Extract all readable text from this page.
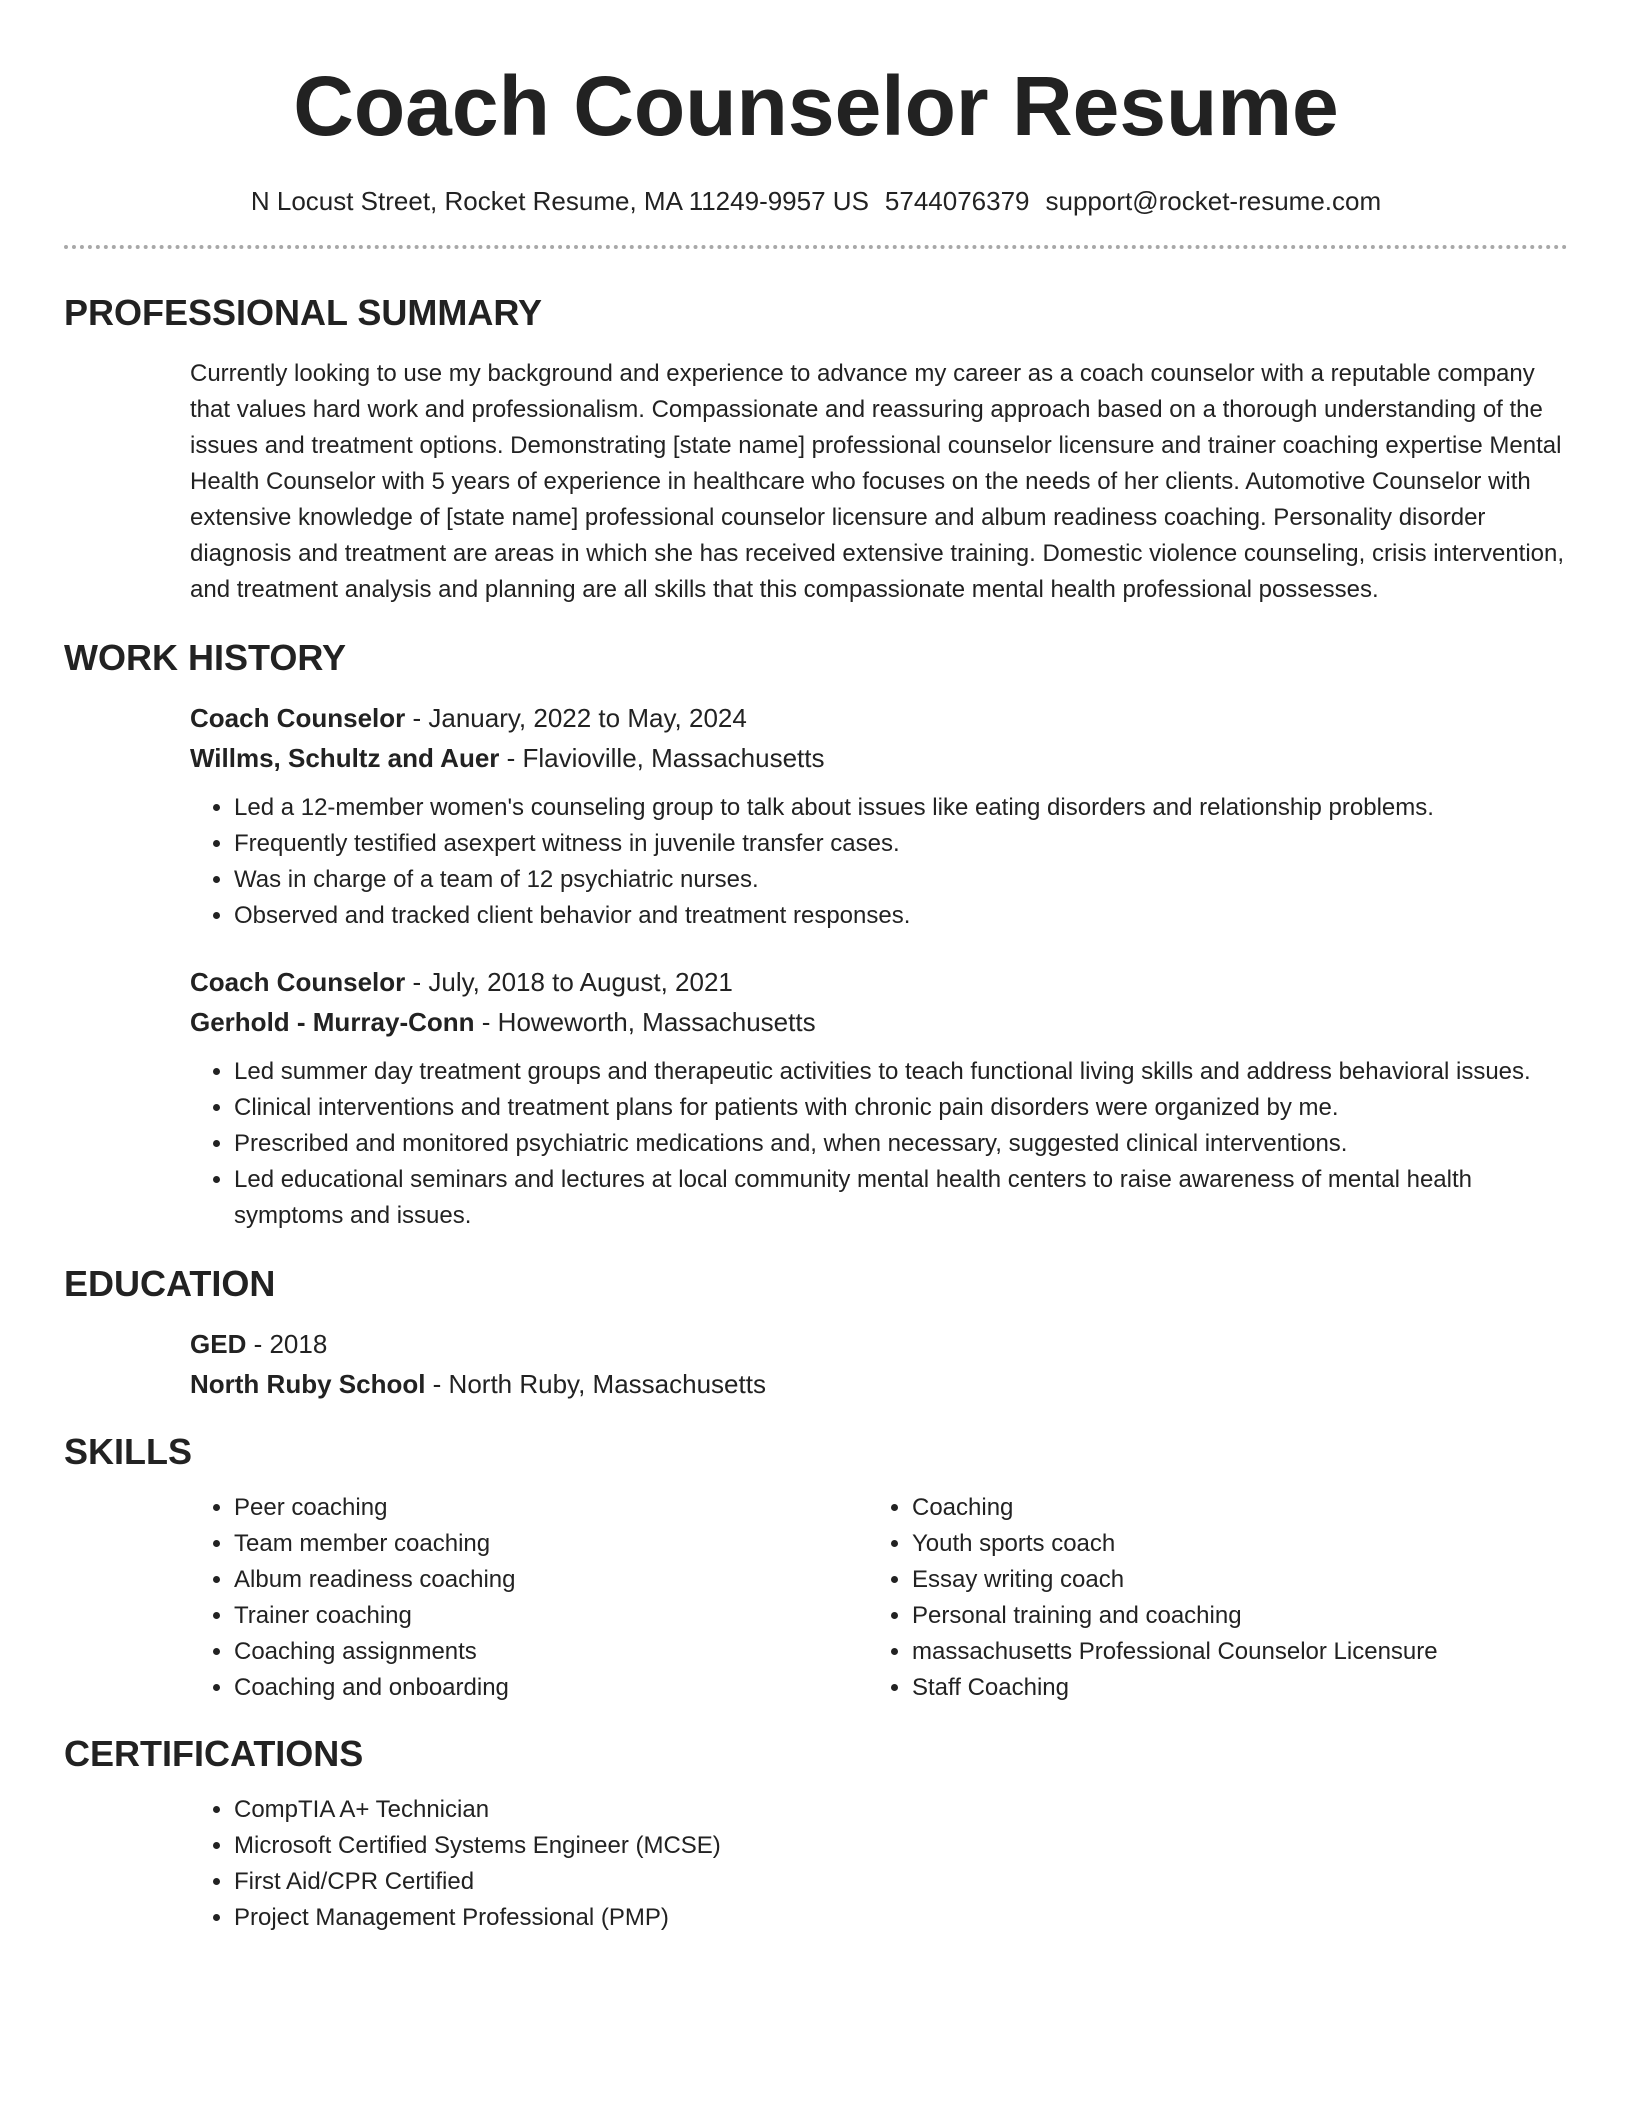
Coach Counselor Resume
N Locust Street, Rocket Resume, MA 11249-9957 US 5744076379 support@rocket-resume.com
PROFESSIONAL SUMMARY

Currently looking to use my background and experience to advance my career as a coach counselor with a reputable company that values hard work and professionalism. Compassionate and reassuring approach based on a thorough understanding of the issues and treatment options. Demonstrating [state name] professional counselor licensure and trainer coaching expertise Mental Health Counselor with 5 years of experience in healthcare who focuses on the needs of her clients. Automotive Counselor with extensive knowledge of [state name] professional counselor licensure and album readiness coaching. Personality disorder diagnosis and treatment are areas in which she has received extensive training. Domestic violence counseling, crisis intervention, and treatment analysis and planning are all skills that this compassionate mental health professional possesses.

WORK HISTORY
Coach Counselor - January, 2022 to May, 2024
Willms, Schultz and Auer - Flavioville, Massachusetts
• Led a 12-member women's counseling group to talk about issues like eating disorders and relationship problems.
• Frequently testified asexpert witness in juvenile transfer cases.
• Was in charge of a team of 12 psychiatric nurses.
• Observed and tracked client behavior and treatment responses.
Coach Counselor - July, 2018 to August, 2021
Gerhold - Murray-Conn - Howeworth, Massachusetts
• Led summer day treatment groups and therapeutic activities to teach functional living skills and address behavioral issues.
• Clinical interventions and treatment plans for patients with chronic pain disorders were organized by me.
• Prescribed and monitored psychiatric medications and, when necessary, suggested clinical interventions.
• Led educational seminars and lectures at local community mental health centers to raise awareness of mental health symptoms and issues.
EDUCATION
GED - 2018
North Ruby School - North Ruby, Massachusetts
SKILLS
• Peer coaching
• Team member coaching
• Album readiness coaching
• Trainer coaching
• Coaching assignments
• Coaching and onboarding
• Coaching
• Youth sports coach
• Essay writing coach
• Personal training and coaching
• massachusetts Professional Counselor Licensure
• Staff Coaching
CERTIFICATIONS
• CompTIA A+ Technician
• Microsoft Certified Systems Engineer (MCSE)
• First Aid/CPR Certified
• Project Management Professional (PMP)
